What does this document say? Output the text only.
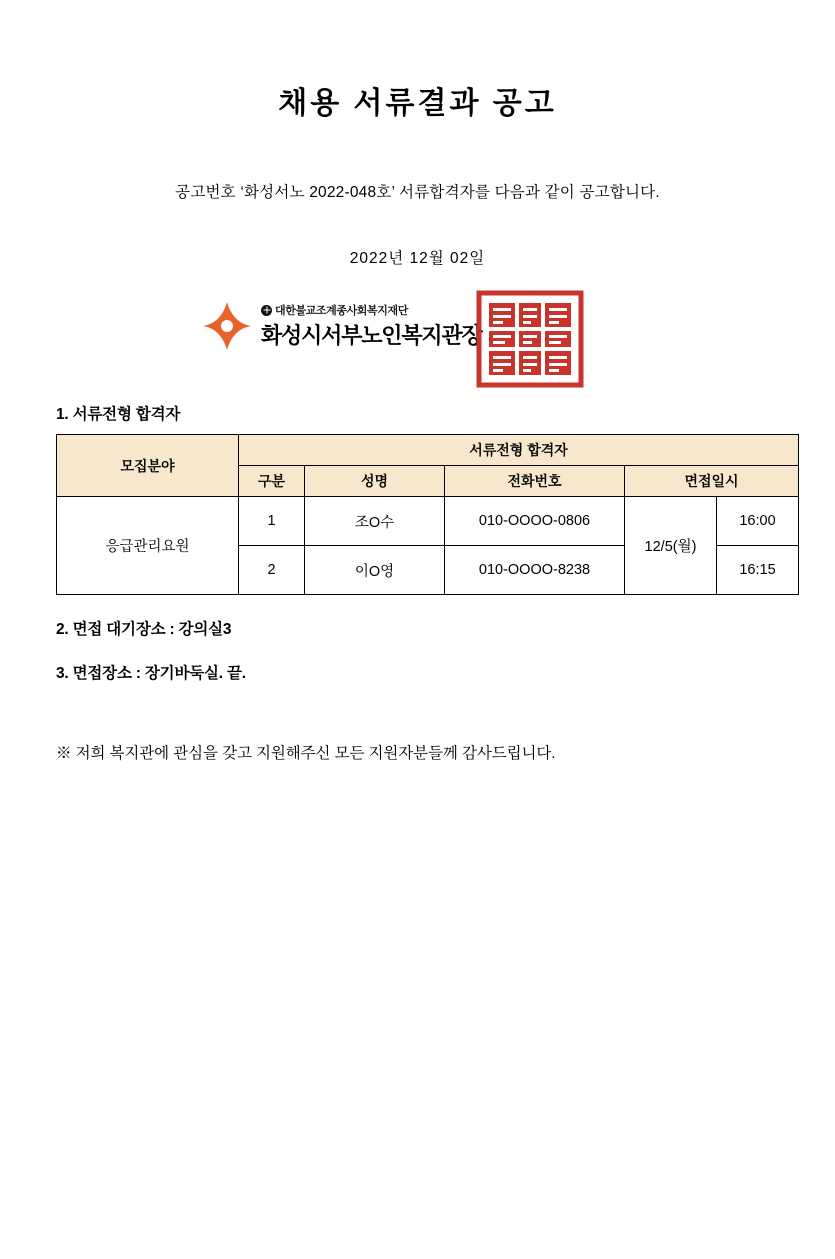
채용 서류결과 공고
공고번호 ‘화성서노 2022-048호’ 서류합격자를 다음과 같이 공고합니다.
2022년 12월 02일
대한불교조계종사회복지재단
화성시서부노인복지관장
1. 서류전형 합격자
모집분야	서류전형 합격자				
	구분	성명	전화번호	면접일시	
응급관리요원	1	조O수	010-OOOO-0806	12/5(월)	16:00
	2	이O영	010-OOOO-8238		16:15
2. 면접 대기장소 : 강의실3
3. 면접장소 : 장기바둑실. 끝.
※ 저희 복지관에 관심을 갖고 지원해주신 모든 지원자분들께 감사드립니다.
